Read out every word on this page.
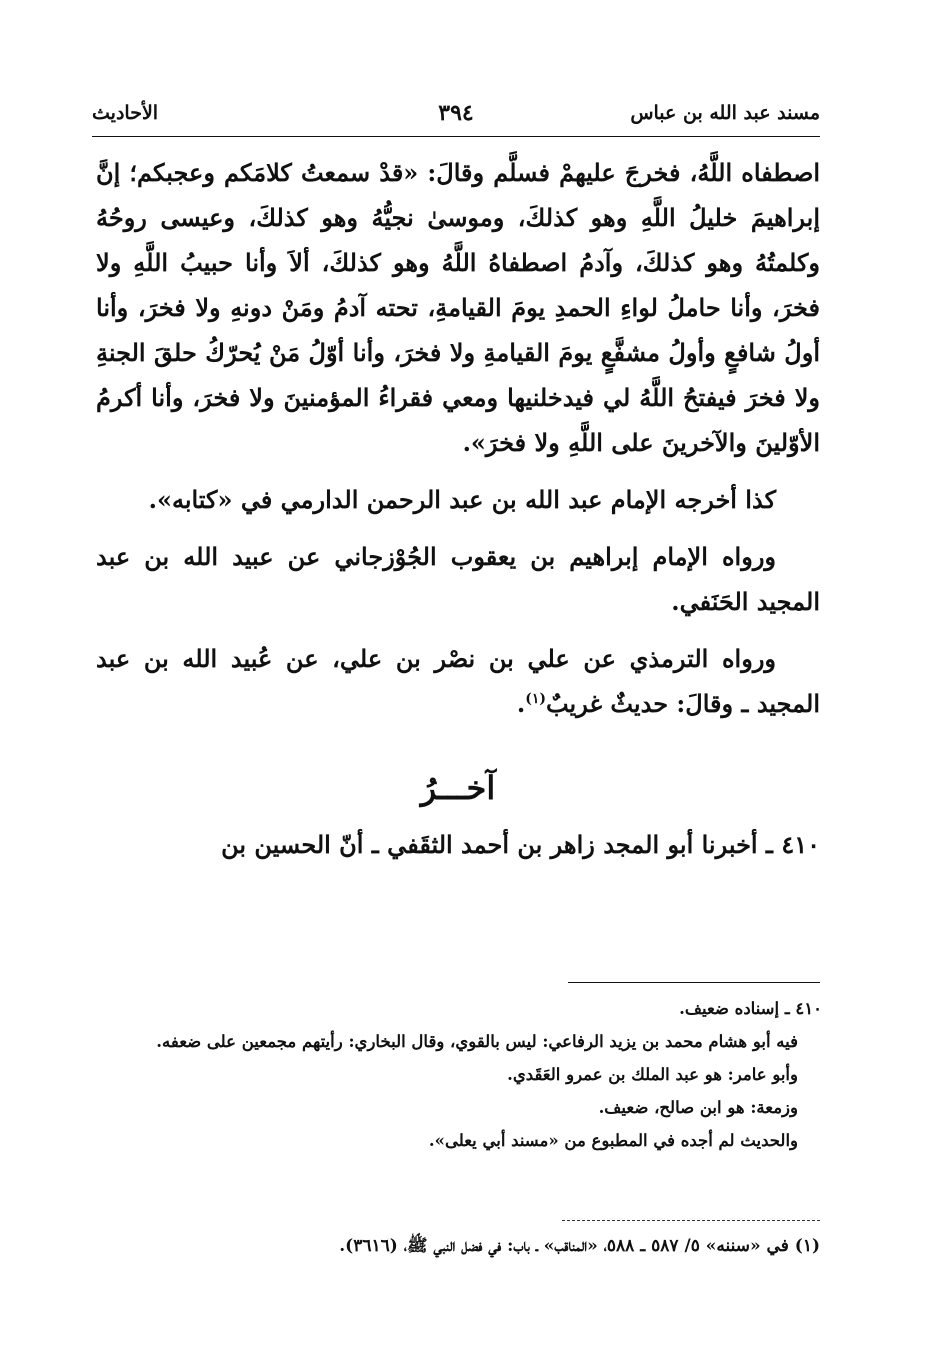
مسند عبد الله بن عباس
٣٩٤
الأحاديث

اصطفاه اللَّهُ، فخرجَ عليهمْ فسلَّم وقالَ: «قدْ سمعتُ كلامَكم وعجبكم؛ إنَّ إبراهيمَ خليلُ اللَّهِ وهو كذلكَ، وموسىٰ نجيُّهُ وهو كذلكَ، وعيسى روحُهُ وكلمتُهُ وهو كذلكَ، وآدمُ اصطفاهُ اللَّهُ وهو كذلكَ، ألاَ وأنا حبيبُ اللَّهِ ولا فخرَ، وأنا حاملُ لواءِ الحمدِ يومَ القيامةِ، تحته آدمُ ومَنْ دونهِ ولا فخرَ، وأنا أولُ شافعٍ وأولُ مشفَّعٍ يومَ القيامةِ ولا فخرَ، وأنا أوّلُ مَنْ يُحرّكُ حلقَ الجنةِ ولا فخرَ فيفتحُ اللَّهُ لي فيدخلنيها ومعي فقراءُ المؤمنينَ ولا فخرَ، وأنا أكرمُ الأوّلينَ والآخرينَ على اللَّهِ ولا فخرَ».

كذا أخرجه الإمام عبد الله بن عبد الرحمن الدارمي في «كتابه».

ورواه الإمام إبراهيم بن يعقوب الجُوْزجاني عن عبيد الله بن عبد المجيد الحَنَفي.

ورواه الترمذي عن علي بن نصْر بن علي، عن عُبيد الله بن عبد المجيد ـ وقالَ: حديثٌ غريبٌ$^{(١)}$.

آخـــرُ

٤١٠ ـ أخبرنا أبو المجد زاهر بن أحمد الثقَفي ـ أنّ الحسين بن

٤١٠ ـ إسناده ضعيف.

فيه أبو هشام محمد بن يزيد الرفاعي: ليس بالقوي، وقال البخاري: رأيتهم مجمعين على ضعفه.

وأبو عامر: هو عبد الملك بن عمرو العَقَدي.

وزمعة: هو ابن صالح، ضعيف.

والحديث لم أجده في المطبوع من «مسند أبي يعلى».

(١) في «سننه» ٥/ ٥٨٧ ـ ٥٨٨، «المناقب» ـ باب: في فضل النبي ﷺ، (٣٦١٦).
